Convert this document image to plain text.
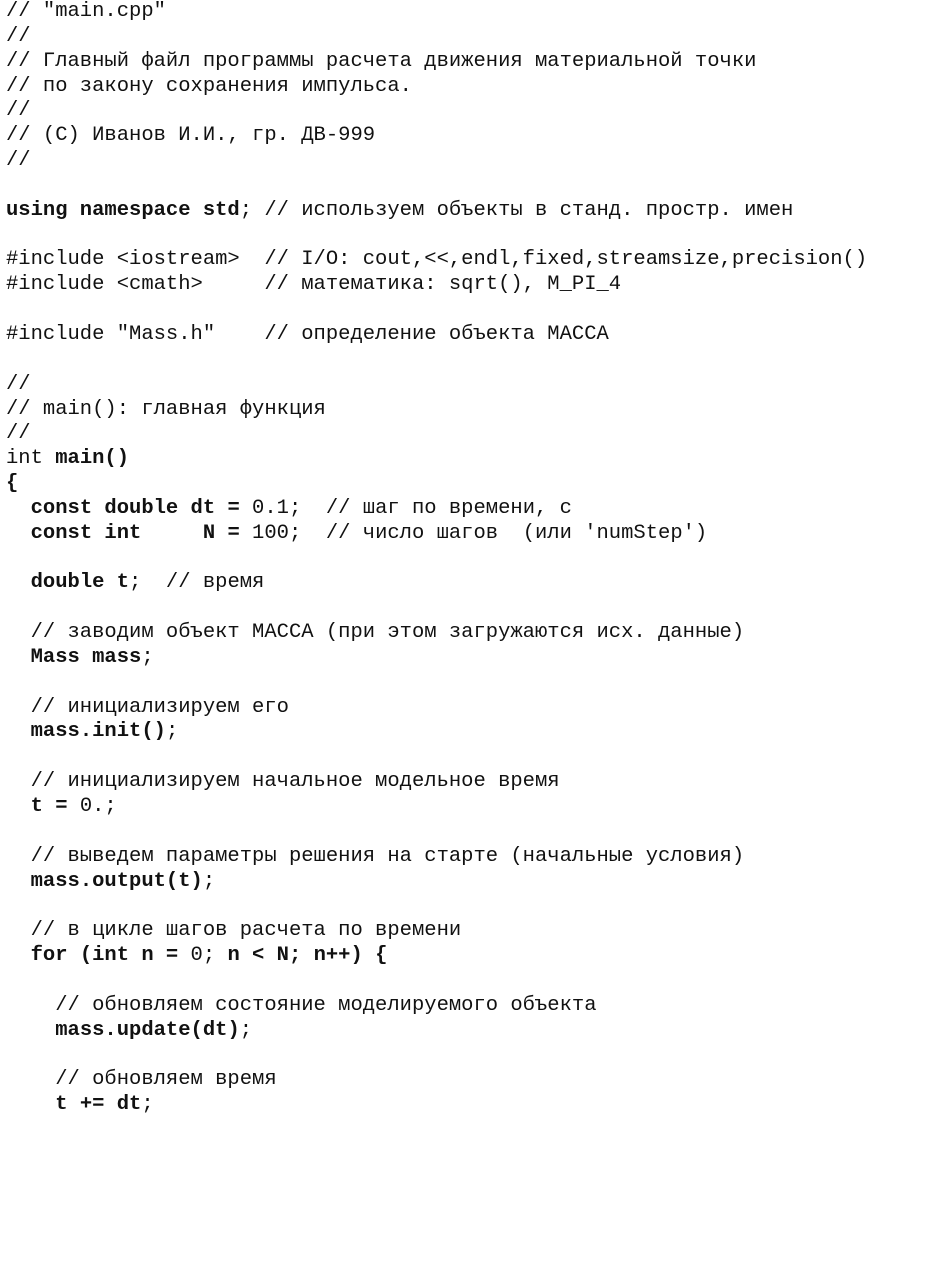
// "main.cpp"
//
// Главный файл программы расчета движения материальной точки
// по закону сохранения импульса.
//
// (C) Иванов И.И., гр. ДВ-999
//

using namespace std; // используем объекты в станд. простр. имен

#include <iostream>  // I/O: cout,<<,endl,fixed,streamsize,precision()
#include <cmath>     // математика: sqrt(), M_PI_4

#include "Mass.h"    // определение объекта МАССА

//
// main(): главная функция
//
int main()
{
const double dt = 0.1;  // шаг по времени, с
const int     N = 100;  // число шагов  (или 'numStep')

double t;  // время

// заводим объект МАССА (при этом загружаются исх. данные)
Mass mass;

// инициализируем его
mass.init();

// инициализируем начальное модельное время
t = 0.;

// выведем параметры решения на старте (начальные условия)
mass.output(t);

// в цикле шагов расчета по времени
for (int n = 0; n < N; n++) {

// обновляем состояние моделируемого объекта
mass.update(dt);

// обновляем время
t += dt;
